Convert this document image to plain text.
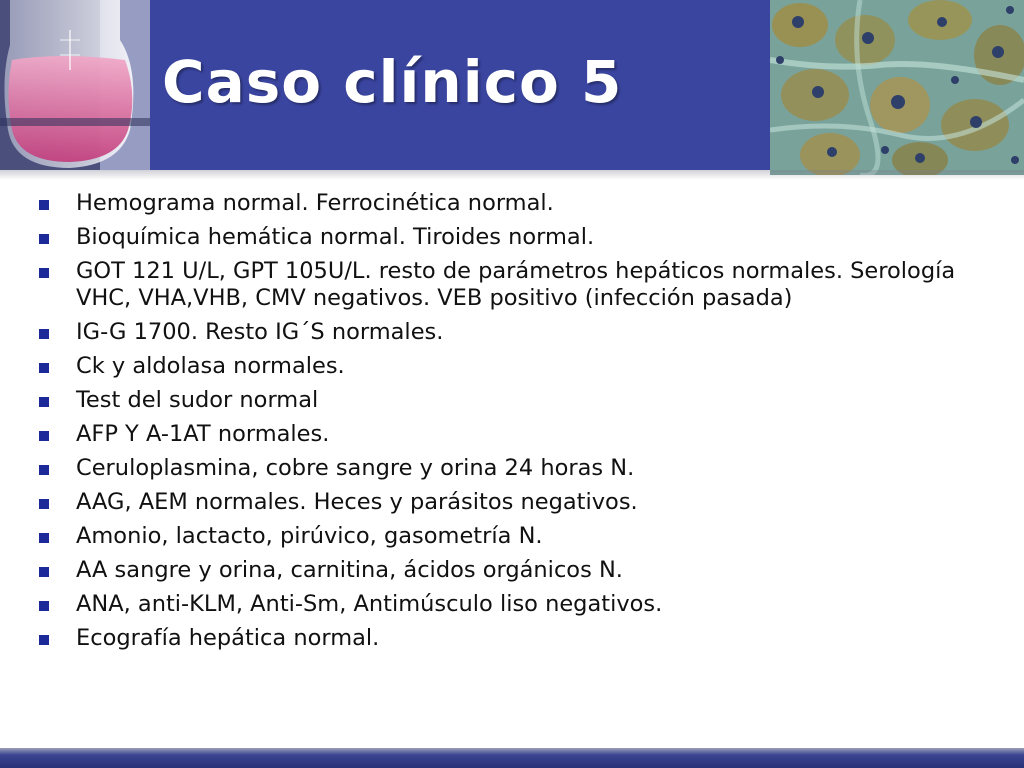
Caso clínico 5
Hemograma normal. Ferrocinética normal.
Bioquímica hemática normal. Tiroides normal.
GOT 121 U/L, GPT 105U/L. resto de parámetros hepáticos normales. Serología VHC, VHA,VHB, CMV negativos. VEB positivo (infección pasada)
IG-G 1700. Resto IG´S normales.
Ck y aldolasa normales.
Test del sudor normal
AFP Y A-1AT normales.
Ceruloplasmina, cobre sangre y orina 24 horas N.
AAG, AEM normales. Heces y parásitos negativos.
Amonio, lactacto, pirúvico, gasometría N.
AA sangre y orina, carnitina, ácidos orgánicos N.
ANA, anti-KLM, Anti-Sm, Antimúsculo liso negativos.
Ecografía hepática normal.
